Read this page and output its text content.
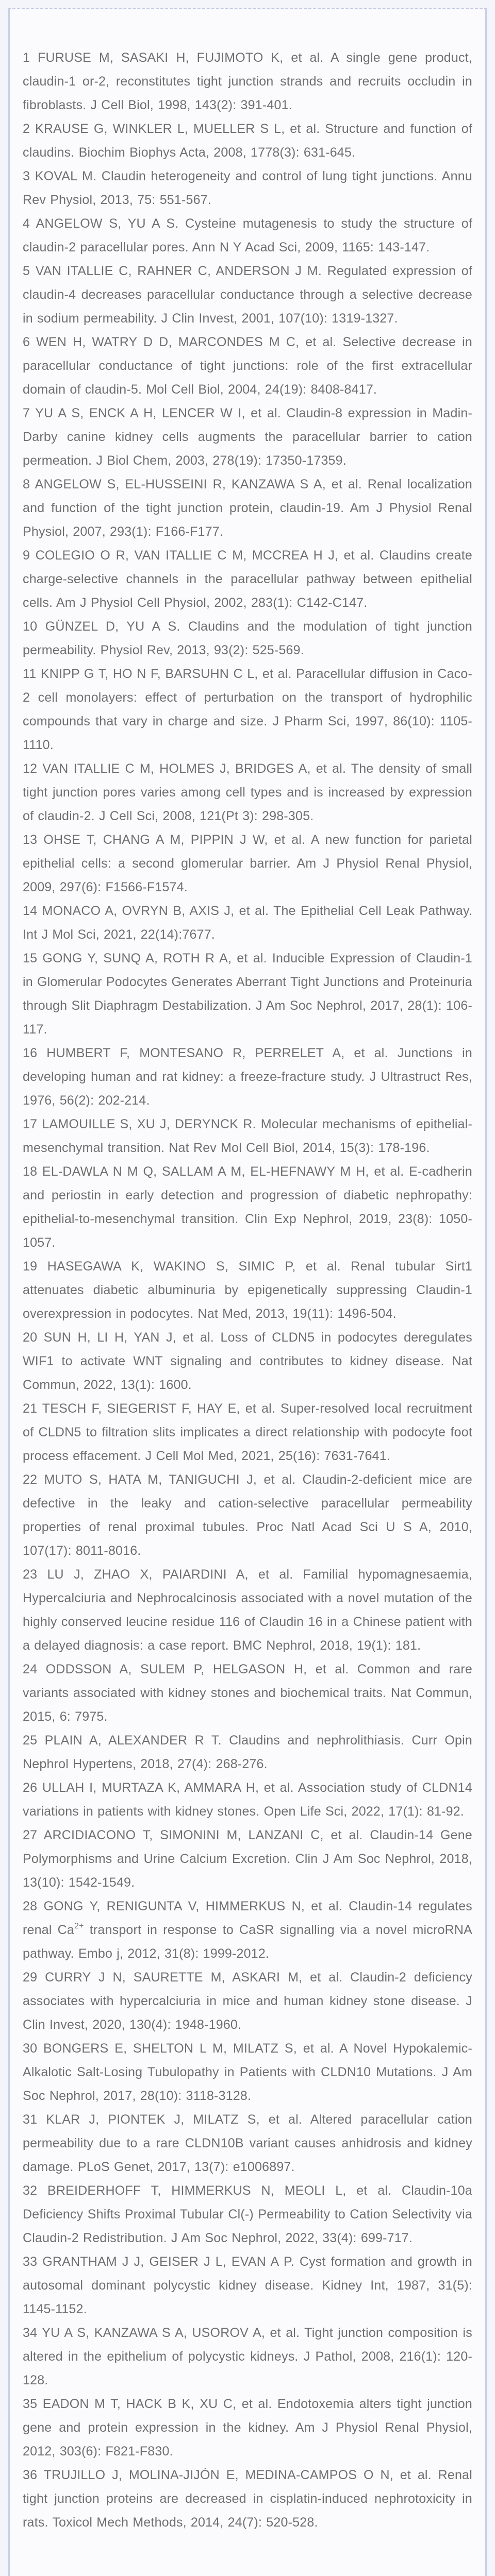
1 FURUSE M, SASAKI H, FUJIMOTO K, et al. A single gene product, claudin-1 or-2, reconstitutes tight junction strands and recruits occludin in fibroblasts. J Cell Biol, 1998, 143(2): 391-401.
2 KRAUSE G, WINKLER L, MUELLER S L, et al. Structure and function of claudins. Biochim Biophys Acta, 2008, 1778(3): 631-645.
3 KOVAL M. Claudin heterogeneity and control of lung tight junctions. Annu Rev Physiol, 2013, 75: 551-567.
4 ANGELOW S, YU A S. Cysteine mutagenesis to study the structure of claudin-2 paracellular pores. Ann N Y Acad Sci, 2009, 1165: 143-147.
5 VAN ITALLIE C, RAHNER C, ANDERSON J M. Regulated expression of claudin-4 decreases paracellular conductance through a selective decrease in sodium permeability. J Clin Invest, 2001, 107(10): 1319-1327.
6 WEN H, WATRY D D, MARCONDES M C, et al. Selective decrease in paracellular conductance of tight junctions: role of the first extracellular domain of claudin-5. Mol Cell Biol, 2004, 24(19): 8408-8417.
7 YU A S, ENCK A H, LENCER W I, et al. Claudin-8 expression in Madin-Darby canine kidney cells augments the paracellular barrier to cation permeation. J Biol Chem, 2003, 278(19): 17350-17359.
8 ANGELOW S, EL-HUSSEINI R, KANZAWA S A, et al. Renal localization and function of the tight junction protein, claudin-19. Am J Physiol Renal Physiol, 2007, 293(1): F166-F177.
9 COLEGIO O R, VAN ITALLIE C M, MCCREA H J, et al. Claudins create charge-selective channels in the paracellular pathway between epithelial cells. Am J Physiol Cell Physiol, 2002, 283(1): C142-C147.
10 GÜNZEL D, YU A S. Claudins and the modulation of tight junction permeability. Physiol Rev, 2013, 93(2): 525-569.
11 KNIPP G T, HO N F, BARSUHN C L, et al. Paracellular diffusion in Caco-2 cell monolayers: effect of perturbation on the transport of hydrophilic compounds that vary in charge and size. J Pharm Sci, 1997, 86(10): 1105-1110.
12 VAN ITALLIE C M, HOLMES J, BRIDGES A, et al. The density of small tight junction pores varies among cell types and is increased by expression of claudin-2. J Cell Sci, 2008, 121(Pt 3): 298-305.
13 OHSE T, CHANG A M, PIPPIN J W, et al. A new function for parietal epithelial cells: a second glomerular barrier. Am J Physiol Renal Physiol, 2009, 297(6): F1566-F1574.
14 MONACO A, OVRYN B, AXIS J, et al. The Epithelial Cell Leak Pathway. Int J Mol Sci, 2021, 22(14):7677.
15 GONG Y, SUNQ A, ROTH R A, et al. Inducible Expression of Claudin-1 in Glomerular Podocytes Generates Aberrant Tight Junctions and Proteinuria through Slit Diaphragm Destabilization. J Am Soc Nephrol, 2017, 28(1): 106-117.
16 HUMBERT F, MONTESANO R, PERRELET A, et al. Junctions in developing human and rat kidney: a freeze-fracture study. J Ultrastruct Res, 1976, 56(2): 202-214.
17 LAMOUILLE S, XU J, DERYNCK R. Molecular mechanisms of epithelial-mesenchymal transition. Nat Rev Mol Cell Biol, 2014, 15(3): 178-196.
18 EL-DAWLA N M Q, SALLAM A M, EL-HEFNAWY M H, et al. E-cadherin and periostin in early detection and progression of diabetic nephropathy: epithelial-to-mesenchymal transition. Clin Exp Nephrol, 2019, 23(8): 1050-1057.
19 HASEGAWA K, WAKINO S, SIMIC P, et al. Renal tubular Sirt1 attenuates diabetic albuminuria by epigenetically suppressing Claudin-1 overexpression in podocytes. Nat Med, 2013, 19(11): 1496-504.
20 SUN H, LI H, YAN J, et al. Loss of CLDN5 in podocytes deregulates WIF1 to activate WNT signaling and contributes to kidney disease. Nat Commun, 2022, 13(1): 1600.
21 TESCH F, SIEGERIST F, HAY E, et al. Super-resolved local recruitment of CLDN5 to filtration slits implicates a direct relationship with podocyte foot process effacement. J Cell Mol Med, 2021, 25(16): 7631-7641.
22 MUTO S, HATA M, TANIGUCHI J, et al. Claudin-2-deficient mice are defective in the leaky and cation-selective paracellular permeability properties of renal proximal tubules. Proc Natl Acad Sci U S A, 2010, 107(17): 8011-8016.
23 LU J, ZHAO X, PAIARDINI A, et al. Familial hypomagnesaemia, Hypercalciuria and Nephrocalcinosis associated with a novel mutation of the highly conserved leucine residue 116 of Claudin 16 in a Chinese patient with a delayed diagnosis: a case report. BMC Nephrol, 2018, 19(1): 181.
24 ODDSSON A, SULEM P, HELGASON H, et al. Common and rare variants associated with kidney stones and biochemical traits. Nat Commun, 2015, 6: 7975.
25 PLAIN A, ALEXANDER R T. Claudins and nephrolithiasis. Curr Opin Nephrol Hypertens, 2018, 27(4): 268-276.
26 ULLAH I, MURTAZA K, AMMARA H, et al. Association study of CLDN14 variations in patients with kidney stones. Open Life Sci, 2022, 17(1): 81-92.
27 ARCIDIACONO T, SIMONINI M, LANZANI C, et al. Claudin-14 Gene Polymorphisms and Urine Calcium Excretion. Clin J Am Soc Nephrol, 2018, 13(10): 1542-1549.
28 GONG Y, RENIGUNTA V, HIMMERKUS N, et al. Claudin-14 regulates renal $Ca^{2+}$ transport in response to CaSR signalling via a novel microRNA pathway. Embo j, 2012, 31(8): 1999-2012.
29 CURRY J N, SAURETTE M, ASKARI M, et al. Claudin-2 deficiency associates with hypercalciuria in mice and human kidney stone disease. J Clin Invest, 2020, 130(4): 1948-1960.
30 BONGERS E, SHELTON L M, MILATZ S, et al. A Novel Hypokalemic-Alkalotic Salt-Losing Tubulopathy in Patients with CLDN10 Mutations. J Am Soc Nephrol, 2017, 28(10): 3118-3128.
31 KLAR J, PIONTEK J, MILATZ S, et al. Altered paracellular cation permeability due to a rare CLDN10B variant causes anhidrosis and kidney damage. PLoS Genet, 2017, 13(7): e1006897.
32 BREIDERHOFF T, HIMMERKUS N, MEOLI L, et al. Claudin-10a Deficiency Shifts Proximal Tubular Cl(-) Permeability to Cation Selectivity via Claudin-2 Redistribution. J Am Soc Nephrol, 2022, 33(4): 699-717.
33 GRANTHAM J J, GEISER J L, EVAN A P. Cyst formation and growth in autosomal dominant polycystic kidney disease. Kidney Int, 1987, 31(5): 1145-1152.
34 YU A S, KANZAWA S A, USOROV A, et al. Tight junction composition is altered in the epithelium of polycystic kidneys. J Pathol, 2008, 216(1): 120-128.
35 EADON M T, HACK B K, XU C, et al. Endotoxemia alters tight junction gene and protein expression in the kidney. Am J Physiol Renal Physiol, 2012, 303(6): F821-F830.
36 TRUJILLO J, MOLINA-JIJÓN E, MEDINA-CAMPOS O N, et al. Renal tight junction proteins are decreased in cisplatin-induced nephrotoxicity in rats. Toxicol Mech Methods, 2014, 24(7): 520-528.
